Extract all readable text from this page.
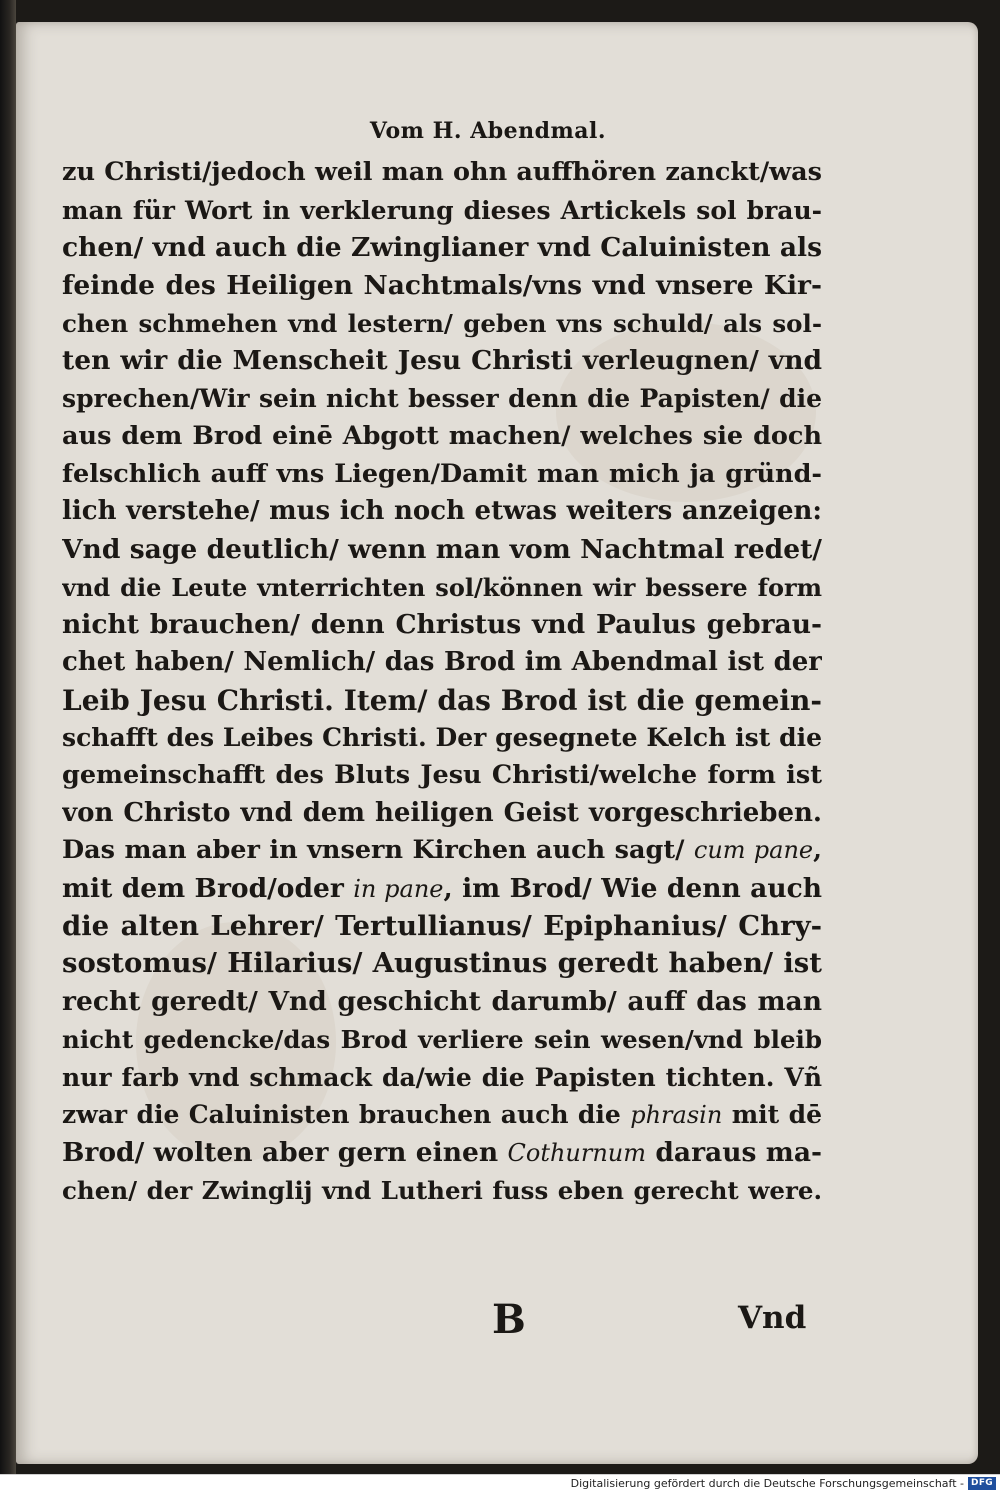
Vom H. Abendmal.
zu Christi/jedoch weil man ohn auffhören zanckt/was
man für Wort in verklerung dieses Artickels sol brau-
chen/ vnd auch die Zwinglianer vnd Caluinisten als
feinde des Heiligen Nachtmals/vns vnd vnsere Kir-
chen schmehen vnd lestern/ geben vns schuld/ als sol-
ten wir die Menscheit Jesu Christi verleugnen/ vnd
sprechen/Wir sein nicht besser denn die Papisten/ die
aus dem Brod einē Abgott machen/ welches sie doch
felschlich auff vns Liegen/Damit man mich ja gründ-
lich verstehe/ mus ich noch etwas weiters anzeigen:
Vnd sage deutlich/ wenn man vom Nachtmal redet/
vnd die Leute vnterrichten sol/können wir bessere form
nicht brauchen/ denn Christus vnd Paulus gebrau-
chet haben/ Nemlich/ das Brod im Abendmal ist der
Leib Jesu Christi. Item/ das Brod ist die gemein-
schafft des Leibes Christi. Der gesegnete Kelch ist die
gemeinschafft des Bluts Jesu Christi/welche form ist
von Christo vnd dem heiligen Geist vorgeschrieben.
Das man aber in vnsern Kirchen auch sagt/ cum pane,
mit dem Brod/oder in pane, im Brod/ Wie denn auch
die alten Lehrer/ Tertullianus/ Epiphanius/ Chry-
sostomus/ Hilarius/ Augustinus geredt haben/ ist
recht geredt/ Vnd geschicht darumb/ auff das man
nicht gedencke/das Brod verliere sein wesen/vnd bleib
nur farb vnd schmack da/wie die Papisten tichten. Vñ
zwar die Caluinisten brauchen auch die phrasin mit dē
Brod/ wolten aber gern einen Cothurnum daraus ma-
chen/ der Zwinglij vnd Lutheri fuss eben gerecht were.
B	Vnd
Digitalisierung gefördert durch die Deutsche Forschungsgemeinschaft - DFG
